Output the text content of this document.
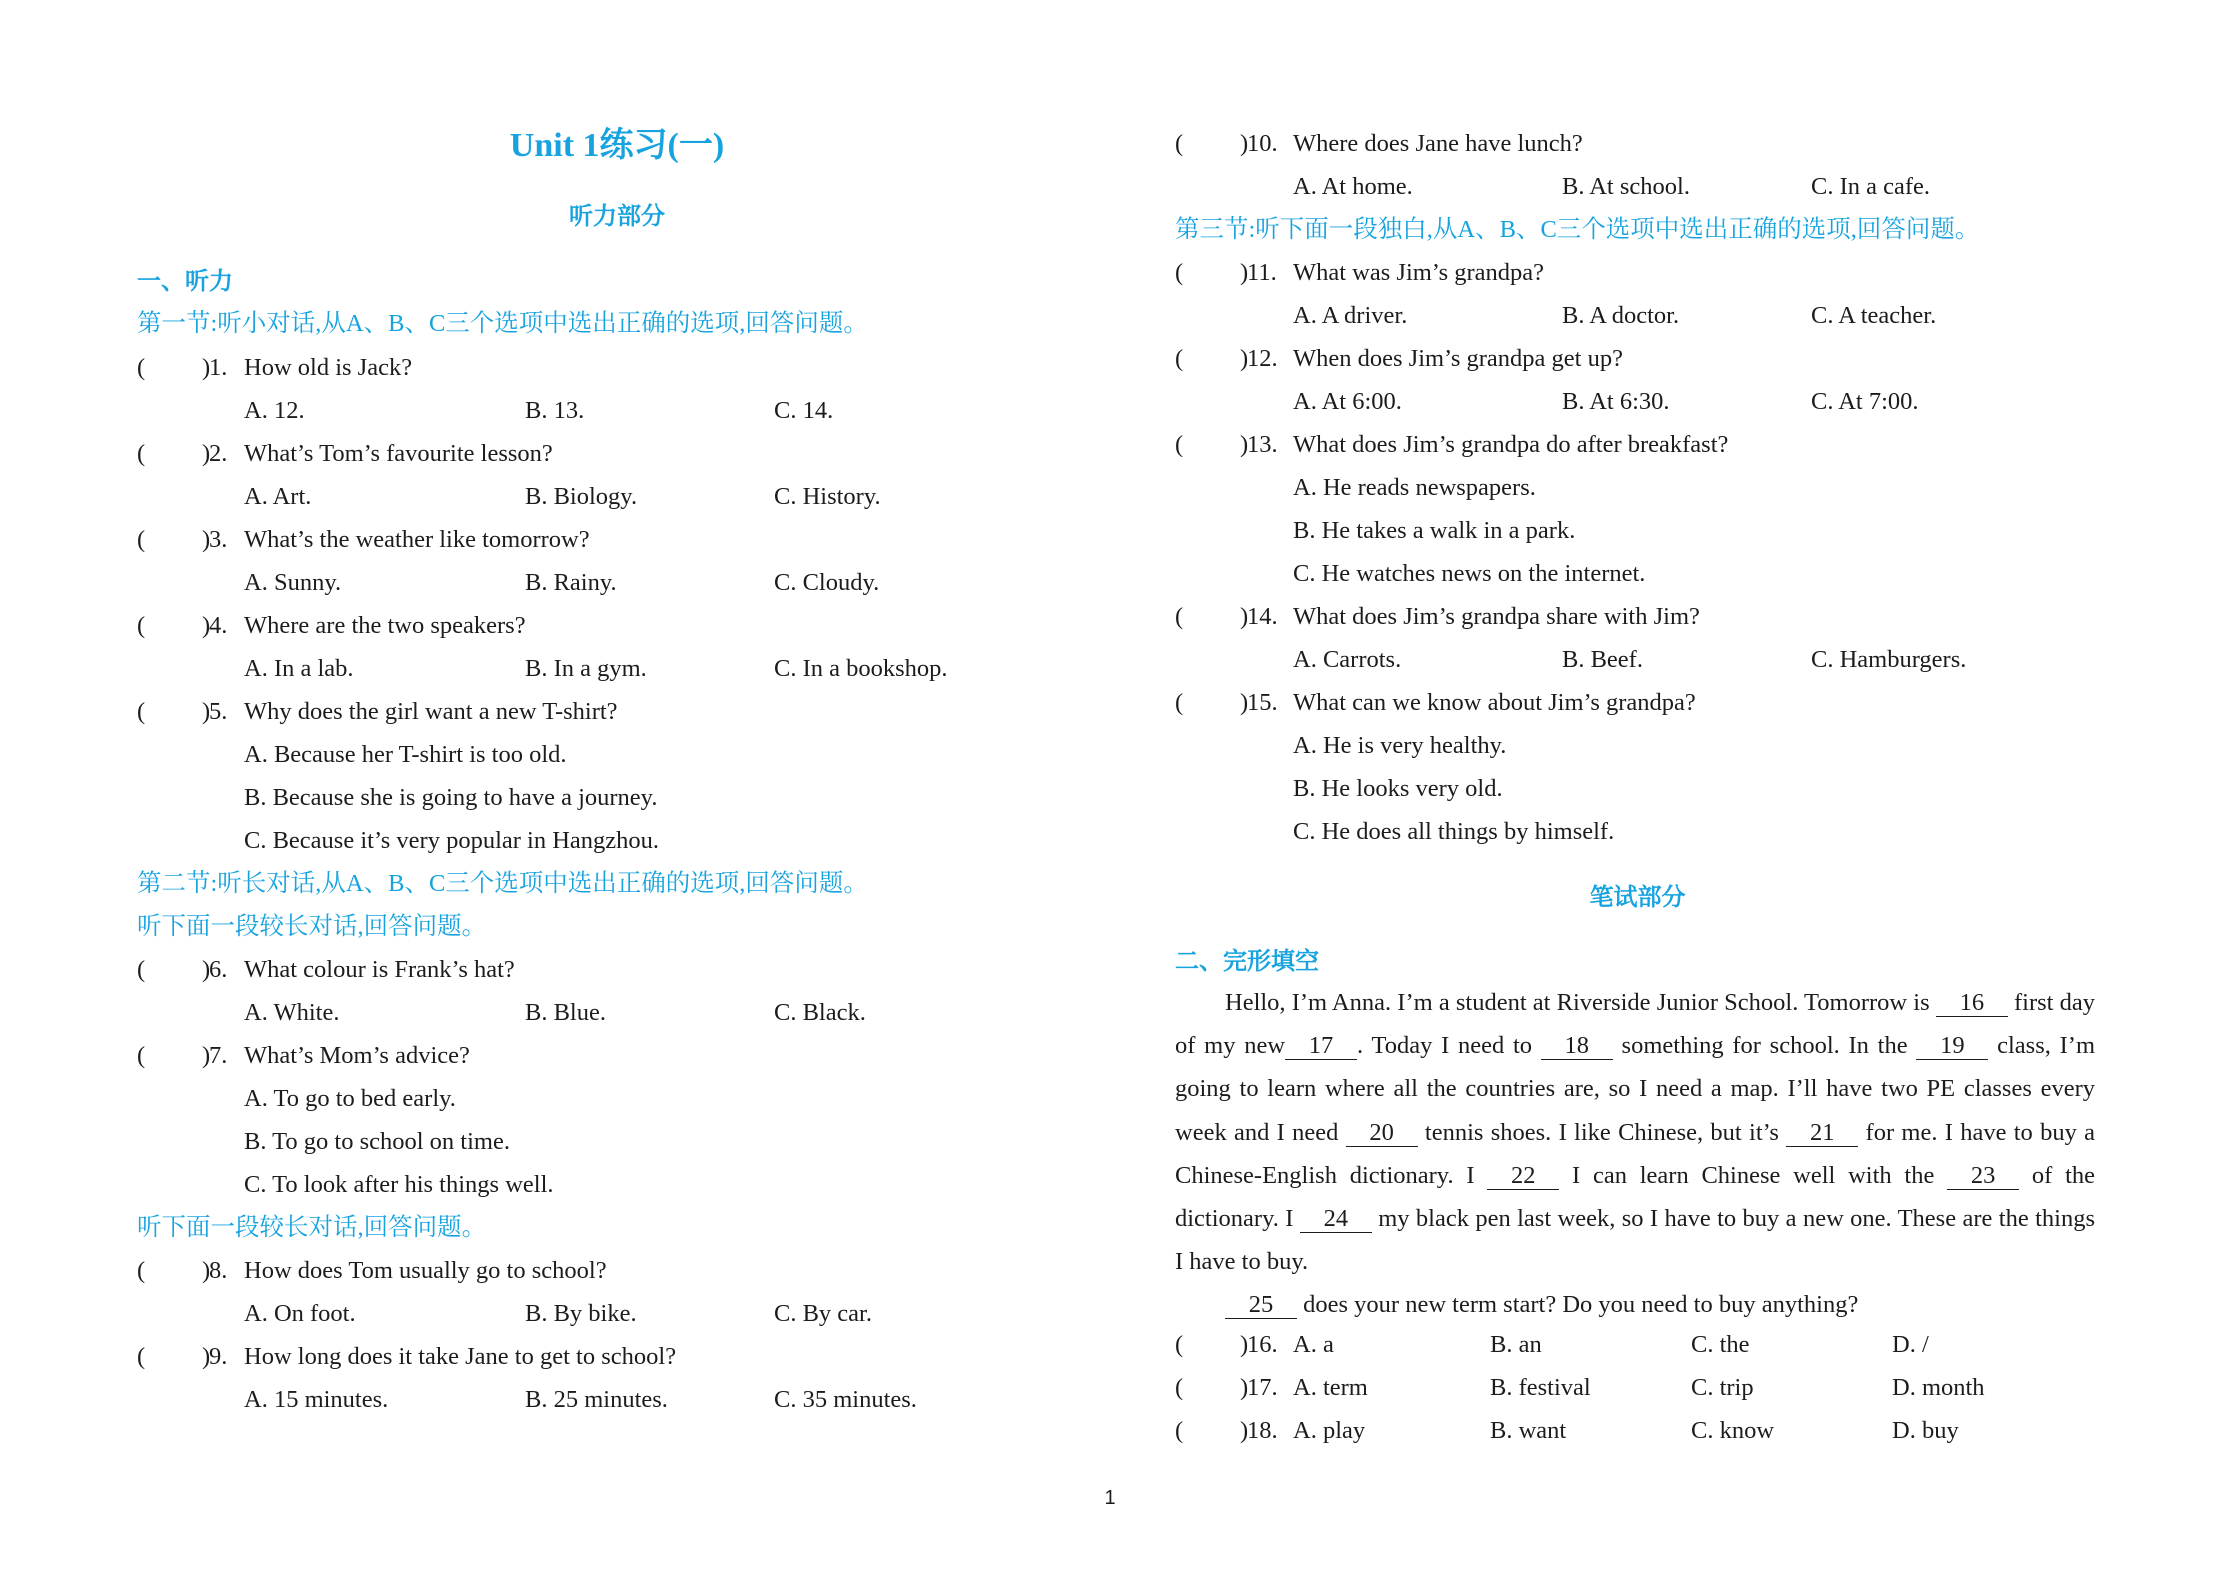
Unit 1练习(一)
听力部分
一、听力
第一节:听小对话,从A、B、C三个选项中选出正确的选项,回答问题。
( )
1. How old is Jack?
A. 12.	B. 13.	C. 14.
( )
2. What’s Tom’s favourite lesson?
A. Art.	B. Biology.	C. History.
( )
3. What’s the weather like tomorrow?
A. Sunny.	B. Rainy.	C. Cloudy.
( )
4. Where are the two speakers?
A. In a lab.	B. In a gym.	C. In a bookshop.
( )
5. Why does the girl want a new T-shirt?
A. Because her T-shirt is too old.
B. Because she is going to have a journey.
C. Because it’s very popular in Hangzhou.
第二节:听长对话,从A、B、C三个选项中选出正确的选项,回答问题。
听下面一段较长对话,回答问题。
( )
6. What colour is Frank’s hat?
A. White.	B. Blue.	C. Black.
( )
7. What’s Mom’s advice?
A. To go to bed early.
B. To go to school on time.
C. To look after his things well.
听下面一段较长对话,回答问题。
( )
8. How does Tom usually go to school?
A. On foot.	B. By bike.	C. By car.
( )
9. How long does it take Jane to get to school?
A. 15 minutes.	B. 25 minutes.	C. 35 minutes.
( )
10. Where does Jane have lunch?
A. At home.	B. At school.	C. In a cafe.
第三节:听下面一段独白,从A、B、C三个选项中选出正确的选项,回答问题。
( )
11. What was Jim’s grandpa?
A. A driver.	B. A doctor.	C. A teacher.
( )
12. When does Jim’s grandpa get up?
A. At 6:00.	B. At 6:30.	C. At 7:00.
( )
13. What does Jim’s grandpa do after breakfast?
A. He reads newspapers.
B. He takes a walk in a park.
C. He watches news on the internet.
( )
14. What does Jim’s grandpa share with Jim?
A. Carrots.	B. Beef.	C. Hamburgers.
( )
15. What can we know about Jim’s grandpa?
A. He is very healthy.
B. He looks very old.
C. He does all things by himself.
笔试部分
二、完形填空
Hello, I’m Anna. I’m a student at Riverside Junior School. Tomorrow is 16 first day of my new 17 . Today I need to 18 something for school. In the 19 class, I’m going to learn where all the countries are, so I need a map. I’ll have two PE classes every week and I need 20 tennis shoes. I like Chinese, but it’s 21 for me. I have to buy a Chinese-English dictionary. I 22 I can learn Chinese well with the 23 of the dictionary. I 24 my black pen last week, so I have to buy a new one. These are the things I have to buy.
25 does your new term start? Do you need to buy anything?
( )
16. A. a	B. an	C. the	D. /
( )
17. A. term	B. festival	C. trip	D. month
( )
18. A. play	B. want	C. know	D. buy
1
